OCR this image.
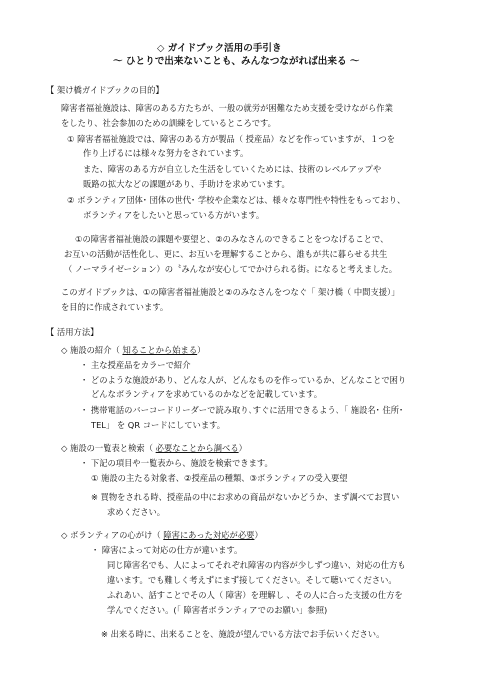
◇ ガイドブック活用の手引き
～ ひとりで出来ないことも、みんなつながれば出来る ～
【 架け橋ガイドブックの目的】
障害者福祉施設は、障害のある方たちが、一般の就労が困難なため支援を受けながら作業
をしたり、社会参加のための訓練をしているところです。
① 障害者福祉施設では、障害のある方が製品（ 授産品）などを作っていますが、１つを
作り上げるには様々な努力をされています。
また、障害のある方が自立した生活をしていくためには、技術のレベルアップや
販路の拡大などの課題があり、手助けを求めています。
② ボランティア団体･ 団体の世代･ 学校や企業などは、様々な専門性や特性をもっており、
ボランティアをしたいと思っている方がいます。
①の障害者福祉施設の課題や要望と、②のみなさんのできることをつなげることで、
お互いの活動が活性化し、更に、お互いを理解することから、誰もが共に暮らせる共生
（ ノーマライゼーション）の〝みんなが安心してでかけられる街〟になると考えました。
このガイドブックは、①の障害者福祉施設と②のみなさんをつなぐ「 架け橋（ 中間支援）」
を目的に作成されています。
【 活用方法】
◇ 施設の紹介（ 知ることから始まる）
・ 主な授産品をカラーで紹介
・ どのような施設があり、どんな人が、どんなものを作っているか、どんなことで困り
どんなボランティアを求めているのかなどを記載しています。
・ 携帯電話のバーコードリーダーで読み取り､すぐに活用できるよう､「 施設名･ 住所･
TEL」 を QR コードにしています。
◇ 施設の一覧表と検索（ 必要なことから調べる）
・ 下記の項目や一覧表から、施設を検索できます。
① 施設の主たる対象者、②授産品の種類、③ボランティアの受入要望
※ 買物をされる時、授産品の中にお求めの商品がないかどうか、まず調べてお買い
求めください。
◇ ボランティアの心がけ（ 障害にあった対応が必要）
・ 障害によって対応の仕方が違います。
同じ障害名でも、人によってそれぞれ障害の内容が少しずつ違い、対応の仕方も
違います。でも難しく考えずにまず接してください。そして聴いてください。
ふれあい、話すことでその人（ 障害）を理解し 、その人に合った支援の仕方を
学んでください。(「 障害者ボランティアでのお願い」参照)
※ 出来る時に、出来ることを、施設が望んでいる方法でお手伝いください。
